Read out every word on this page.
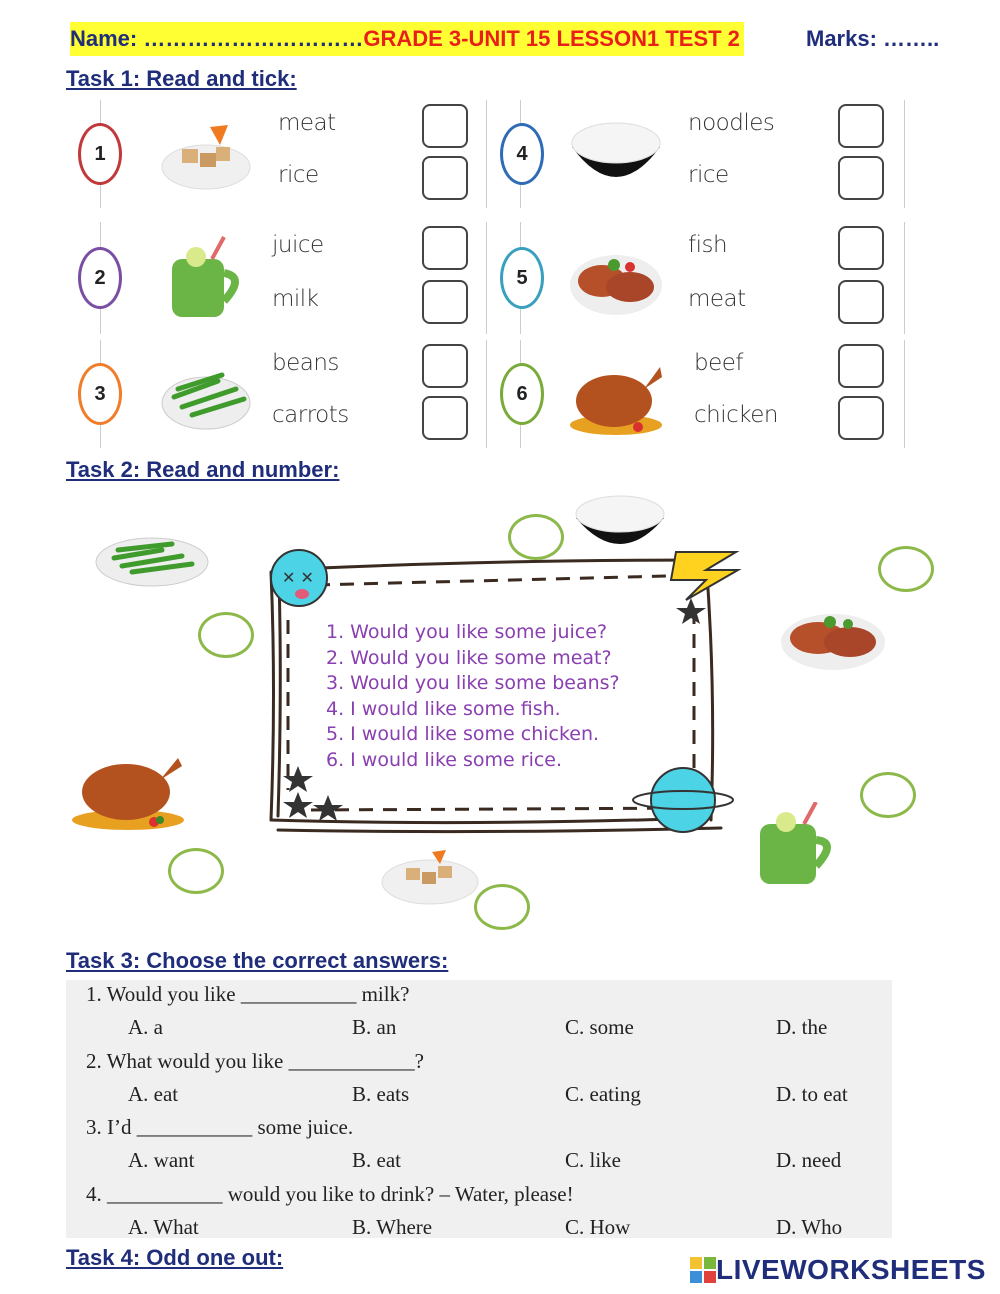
Name: …………………………GRADE 3-UNIT 15 LESSON1 TEST 2	Marks: ……..
Task 1: Read and tick:
1
meat
rice
2
juice
milk
3
beans
carrots
4
noodles
rice
5
fish
meat
6
beef
chicken
Task 2: Read and number:
✕ ✕
1. Would you like some juice?
2. Would you like some meat?
3. Would you like some beans?
4. I would like some fish.
5. I would like some chicken.
6. I would like some rice.
Task 3: Choose the correct answers:
1. Would you like ___________ milk?
A. a	B. an	C. some	D. the
2. What would you like ____________?
A. eat	B. eats	C. eating	D. to eat
3. I’d ___________ some juice.
A. want	B. eat	C. like	D. need
4. ___________ would you like to drink? – Water, please!
A. What	B. Where	C. How	D. Who
Task 4: Odd one out:	LIVEWORKSHEETS
